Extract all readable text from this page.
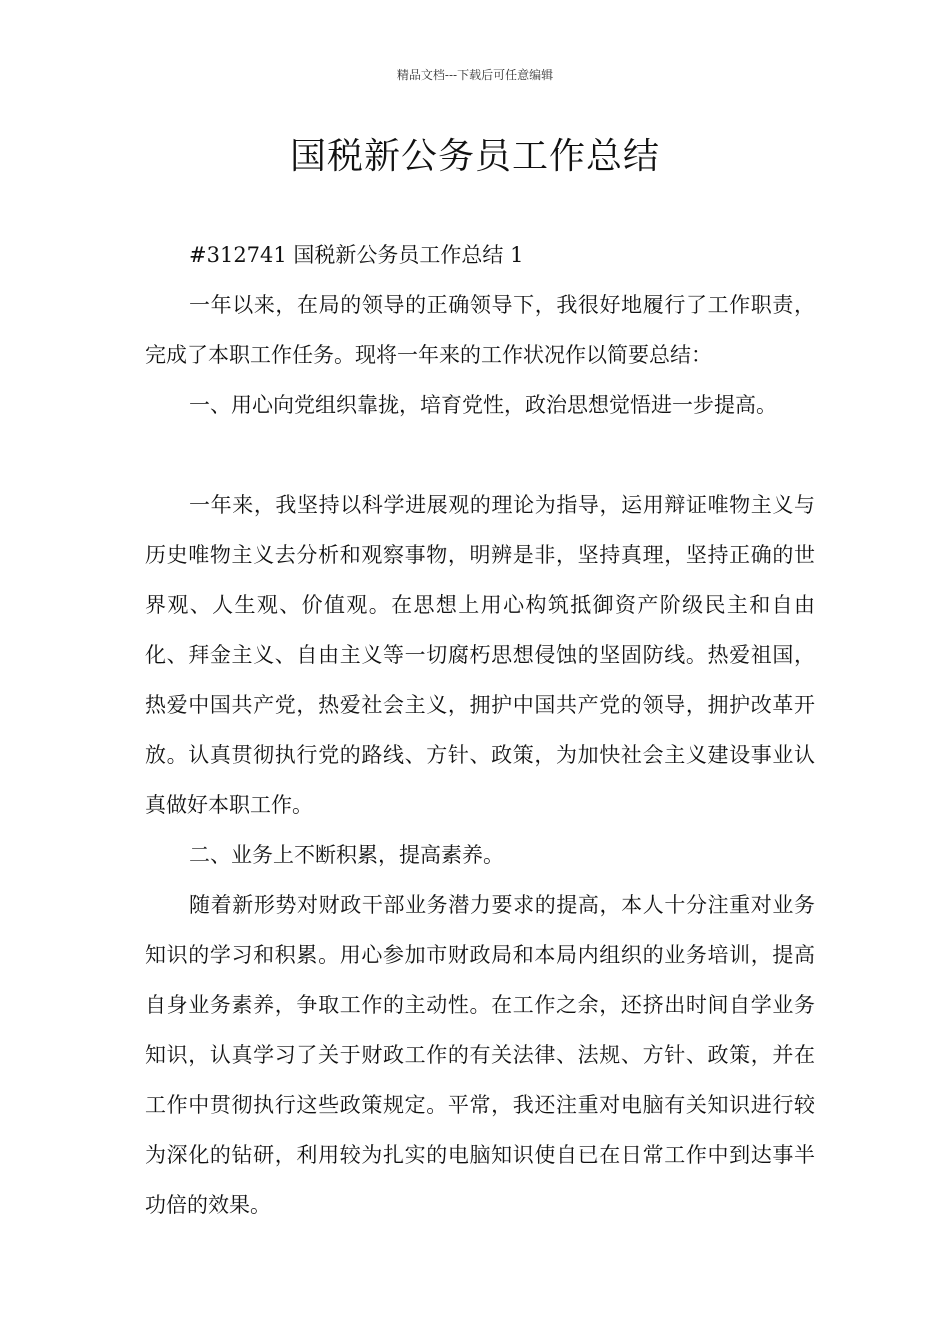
精品文档---下载后可任意编辑
国税新公务员工作总结

#312741 国税新公务员工作总结 1

一年以来，在局的领导的正确领导下，我很好地履行了工作职责，完成了本职工作任务。现将一年来的工作状况作以简要总结：

一、用心向党组织靠拢，培育党性，政治思想觉悟进一步提高。

一年来，我坚持以科学进展观的理论为指导，运用辩证唯物主义与历史唯物主义去分析和观察事物，明辨是非，坚持真理，坚持正确的世界观、人生观、价值观。在思想上用心构筑抵御资产阶级民主和自由化、拜金主义、自由主义等一切腐朽思想侵蚀的坚固防线。热爱祖国，热爱中国共产党，热爱社会主义，拥护中国共产党的领导，拥护改革开放。认真贯彻执行党的路线、方针、政策，为加快社会主义建设事业认真做好本职工作。

二、业务上不断积累，提高素养。

随着新形势对财政干部业务潜力要求的提高，本人十分注重对业务知识的学习和积累。用心参加市财政局和本局内组织的业务培训，提高自身业务素养，争取工作的主动性。在工作之余，还挤出时间自学业务知识，认真学习了关于财政工作的有关法律、法规、方针、政策，并在工作中贯彻执行这些政策规定。平常，我还注重对电脑有关知识进行较为深化的钻研，利用较为扎实的电脑知识使自已在日常工作中到达事半功倍的效果。
